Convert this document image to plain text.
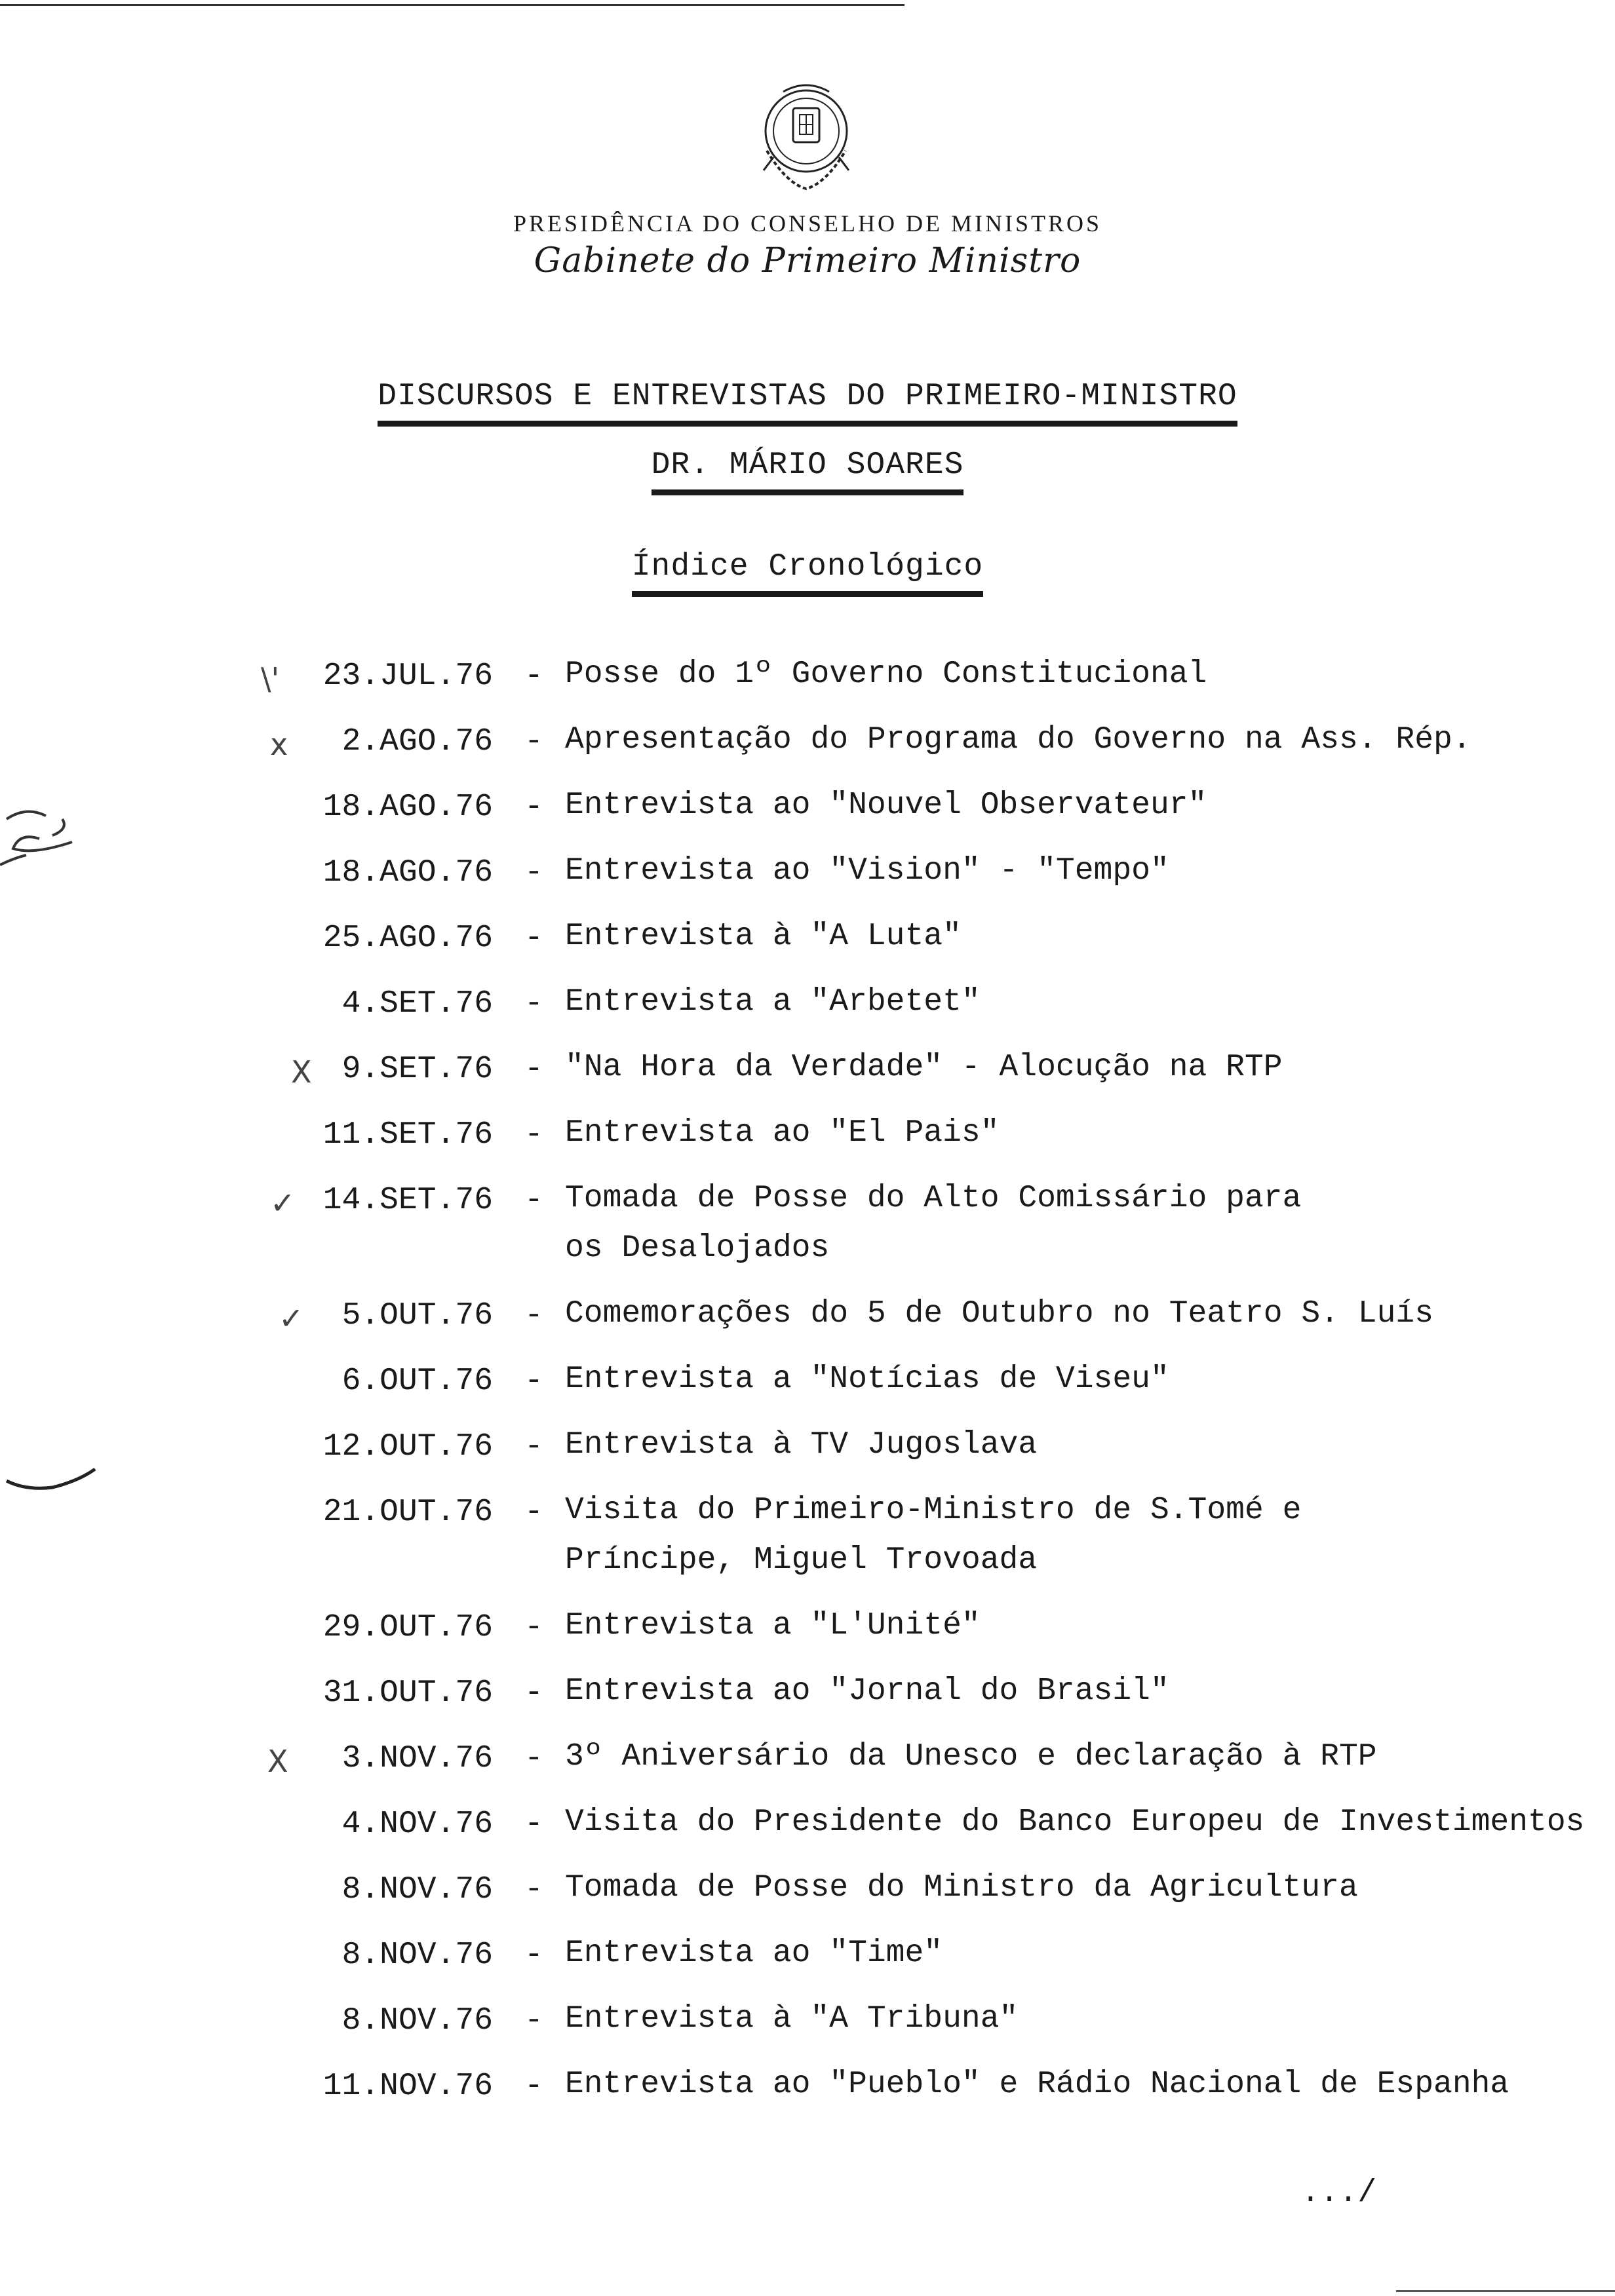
PRESIDÊNCIA DO CONSELHO DE MINISTROS
Gabinete do Primeiro Ministro
DISCURSOS E ENTREVISTAS DO PRIMEIRO-MINISTRO
DR. MÁRIO SOARES
Índice Cronológico
\' 23.JUL.76 - Posse do 1º Governo Constitucional
x 2.AGO.76 - Apresentação do Programa do Governo na Ass. Rép.
18.AGO.76 - Entrevista ao "Nouvel Observateur"
18.AGO.76 - Entrevista ao "Vision" - "Tempo"
25.AGO.76 - Entrevista à "A Luta"
4.SET.76 - Entrevista a "Arbetet"
X 9.SET.76 - "Na Hora da Verdade" - Alocução na RTP
11.SET.76 - Entrevista ao "El Pais"
✓ 14.SET.76 - Tomada de Posse do Alto Comissário para os Desalojados
✓ 5.OUT.76 - Comemorações do 5 de Outubro no Teatro S. Luís
6.OUT.76 - Entrevista a "Notícias de Viseu"
12.OUT.76 - Entrevista à TV Jugoslava
21.OUT.76 - Visita do Primeiro-Ministro de S.Tomé e Príncipe, Miguel Trovoada
29.OUT.76 - Entrevista a "L'Unité"
31.OUT.76 - Entrevista ao "Jornal do Brasil"
X 3.NOV.76 - 3º Aniversário da Unesco e declaração à RTP
4.NOV.76 - Visita do Presidente do Banco Europeu de Investimentos
8.NOV.76 - Tomada de Posse do Ministro da Agricultura
8.NOV.76 - Entrevista ao "Time"
8.NOV.76 - Entrevista à "A Tribuna"
11.NOV.76 - Entrevista ao "Pueblo" e Rádio Nacional de Espanha
.../
